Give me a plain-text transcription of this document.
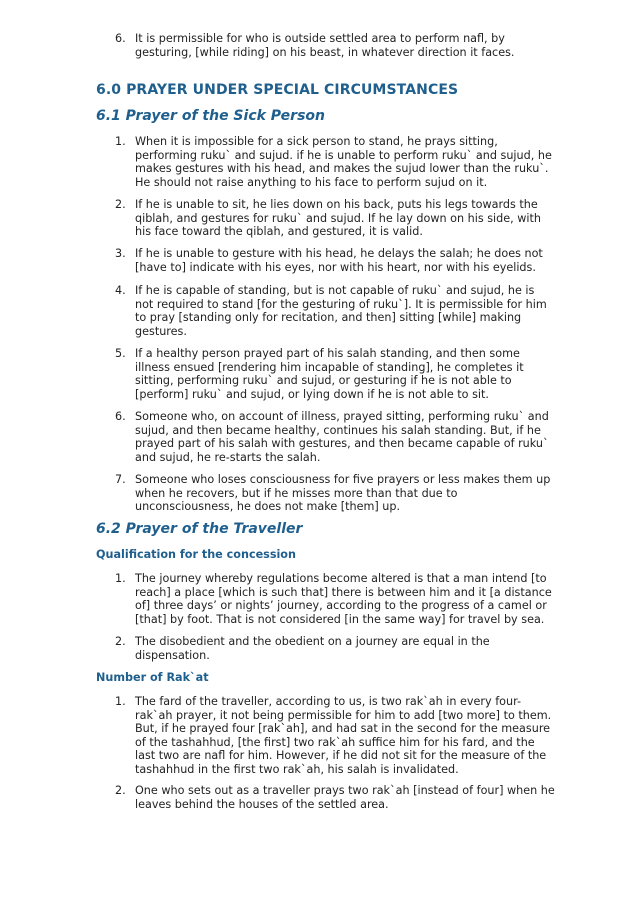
6. It is permissible for who is outside settled area to perform nafl, by gesturing, [while riding] on his beast, in whatever direction it faces.
6.0 PRAYER UNDER SPECIAL CIRCUMSTANCES
6.1 Prayer of the Sick Person
1. When it is impossible for a sick person to stand, he prays sitting, performing ruku` and sujud. if he is unable to perform ruku` and sujud, he makes gestures with his head, and makes the sujud lower than the ruku`. He should not raise anything to his face to perform sujud on it.
2. If he is unable to sit, he lies down on his back, puts his legs towards the qiblah, and gestures for ruku` and sujud. If he lay down on his side, with his face toward the qiblah, and gestured, it is valid.
3. If he is unable to gesture with his head, he delays the salah; he does not [have to] indicate with his eyes, nor with his heart, nor with his eyelids.
4. If he is capable of standing, but is not capable of ruku` and sujud, he is not required to stand [for the gesturing of ruku`]. It is permissible for him to pray [standing only for recitation, and then] sitting [while] making gestures.
5. If a healthy person prayed part of his salah standing, and then some illness ensued [rendering him incapable of standing], he completes it sitting, performing ruku` and sujud, or gesturing if he is not able to [perform] ruku` and sujud, or lying down if he is not able to sit.
6. Someone who, on account of illness, prayed sitting, performing ruku` and sujud, and then became healthy, continues his salah standing. But, if he prayed part of his salah with gestures, and then became capable of ruku` and sujud, he re-starts the salah.
7. Someone who loses consciousness for five prayers or less makes them up when he recovers, but if he misses more than that due to unconsciousness, he does not make [them] up.
6.2 Prayer of the Traveller
Qualification for the concession
1. The journey whereby regulations become altered is that a man intend [to reach] a place [which is such that] there is between him and it [a distance of] three days’ or nights’ journey, according to the progress of a camel or [that] by foot. That is not considered [in the same way] for travel by sea.
2. The disobedient and the obedient on a journey are equal in the dispensation.
Number of Rak`at
1. The fard of the traveller, according to us, is two rak`ah in every four-rak`ah prayer, it not being permissible for him to add [two more] to them. But, if he prayed four [rak`ah], and had sat in the second for the measure of the tashahhud, [the first] two rak`ah suffice him for his fard, and the last two are nafl for him. However, if he did not sit for the measure of the tashahhud in the first two rak`ah, his salah is invalidated.
2. One who sets out as a traveller prays two rak`ah [instead of four] when he leaves behind the houses of the settled area.
